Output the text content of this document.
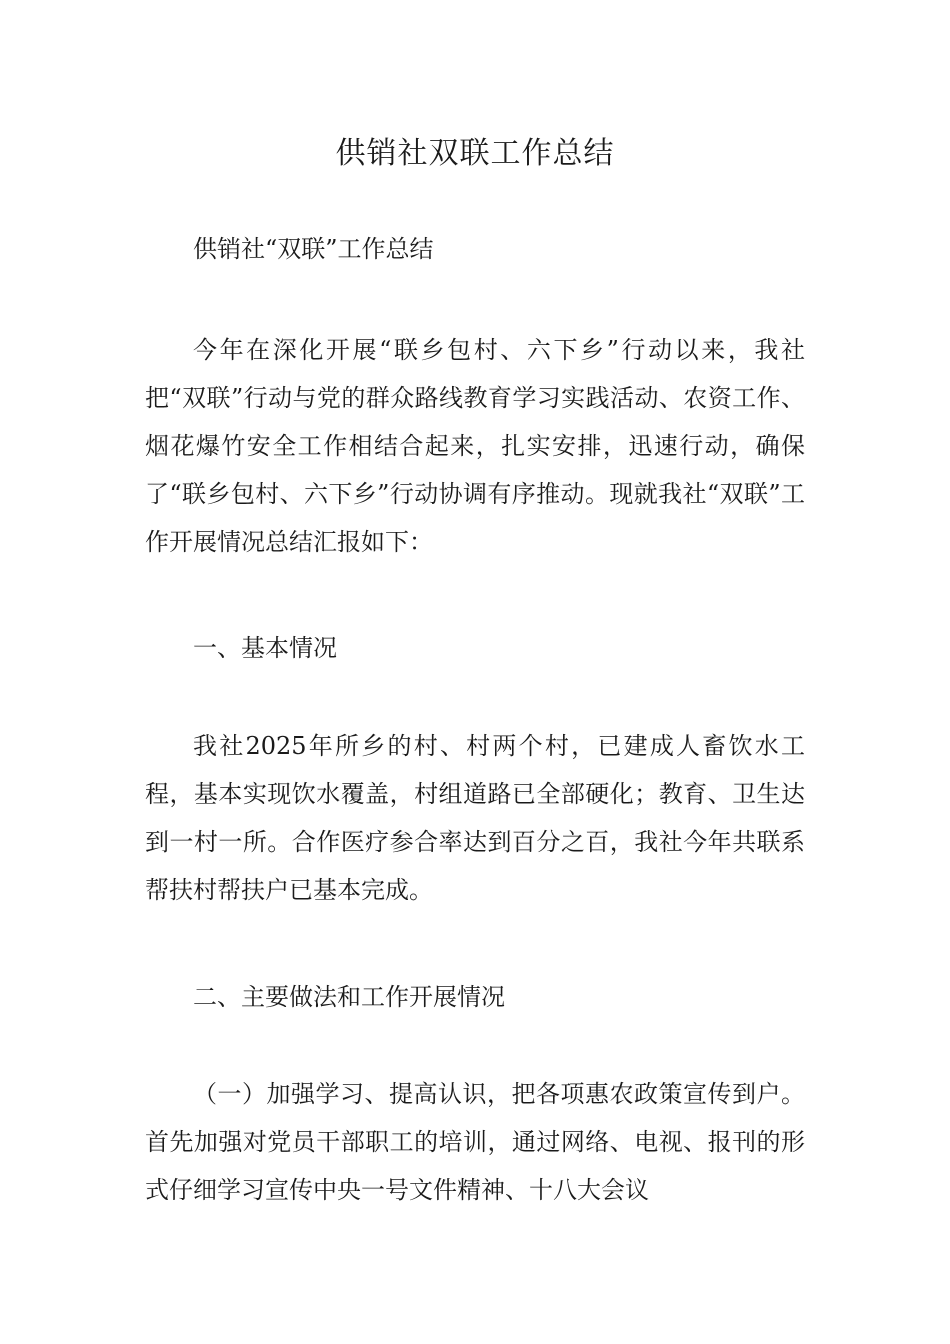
供销社双联工作总结

供销社“双联”工作总结

今年在深化开展“联乡包村、六下乡”行动以来，我社把“双联”行动与党的群众路线教育学习实践活动、农资工作、烟花爆竹安全工作相结合起来，扎实安排，迅速行动，确保了“联乡包村、六下乡”行动协调有序推动。现就我社“双联”工作开展情况总结汇报如下：

一、基本情况

我社2025年所乡的村、村两个村，已建成人畜饮水工程，基本实现饮水覆盖，村组道路已全部硬化；教育、卫生达到一村一所。合作医疗参合率达到百分之百，我社今年共联系帮扶村帮扶户已基本完成。

二、主要做法和工作开展情况

（一）加强学习、提高认识，把各项惠农政策宣传到户。首先加强对党员干部职工的培训，通过网络、电视、报刊的形式仔细学习宣传中央一号文件精神、十八大会议
